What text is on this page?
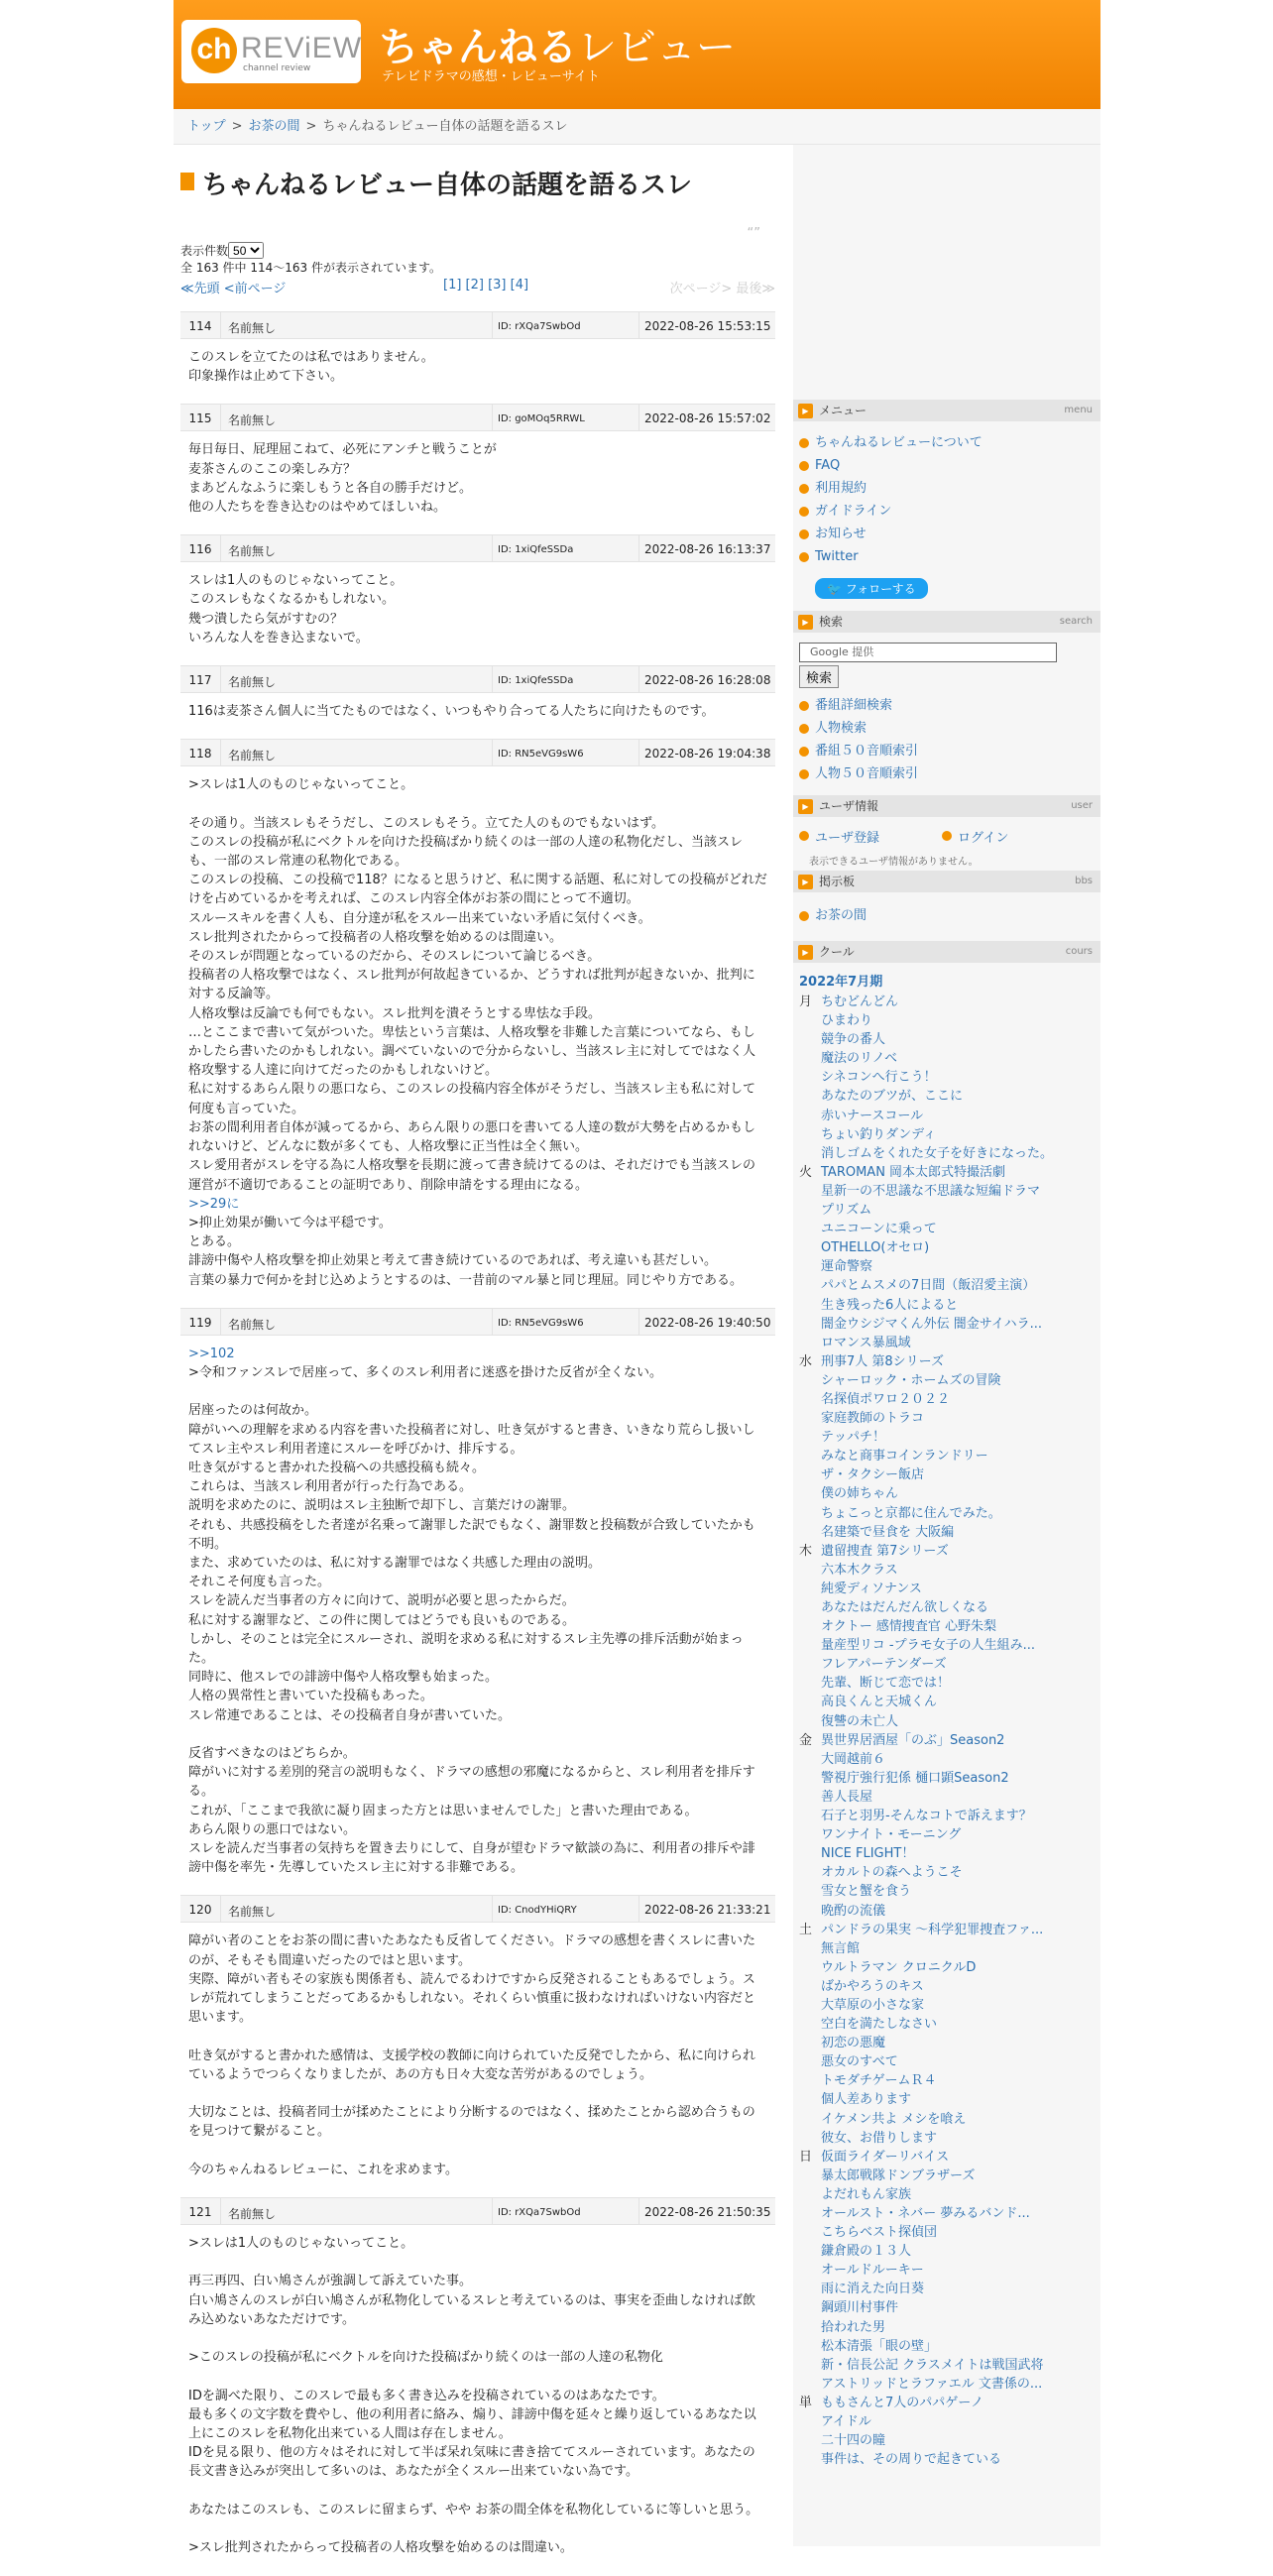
ch REViEW
channel review ちゃんねるレビュー
テレビドラマの感想・レビューサイト
トップ > お茶の間 > ちゃんねるレビュー自体の話題を語るスレ
ちゃんねるレビュー自体の話題を語るスレ
“”
表示件数
50
全 163 件中 114～163 件が表示されています。
≪先頭 <前ページ	[1] [2] [3] [4]	次ページ> 最後≫
114	名前無し	ID: rXQa7SwbOd	2022-08-26 15:53:15
このスレを立てたのは私ではありません。
印象操作は止めて下さい。
115	名前無し	ID: goMOq5RRWL	2022-08-26 15:57:02
毎日毎日、屁理屈こねて、必死にアンチと戦うことが
麦茶さんのここの楽しみ方？
まあどんなふうに楽しもうと各自の勝手だけど。
他の人たちを巻き込むのはやめてほしいね。
116	名前無し	ID: 1xiQfeSSDa	2022-08-26 16:13:37
スレは1人のものじゃないってこと。
このスレもなくなるかもしれない。
幾つ潰したら気がすむの？
いろんな人を巻き込まないで。
117	名前無し	ID: 1xiQfeSSDa	2022-08-26 16:28:08
116は麦茶さん個人に当てたものではなく、いつもやり合ってる人たちに向けたものです。
118	名前無し	ID: RN5eVG9sW6	2022-08-26 19:04:38
>スレは1人のものじゃないってこと。

その通り。当該スレもそうだし、このスレもそう。立てた人のものでもないはず。
このスレの投稿が私にベクトルを向けた投稿ばかり続くのは一部の人達の私物化だし、当該スレも、一部のスレ常連の私物化である。
このスレの投稿、この投稿で118？になると思うけど、私に関する話題、私に対しての投稿がどれだけを占めているかを考えれば、このスレ内容全体がお茶の間にとって不適切。
スルースキルを書く人も、自分達が私をスルー出来ていない矛盾に気付くべき。
スレ批判されたからって投稿者の人格攻撃を始めるのは間違い。
そのスレが問題となっているのだから、そのスレについて論じるべき。
投稿者の人格攻撃ではなく、スレ批判が何故起きているか、どうすれば批判が起きないか、批判に対する反論等。
人格攻撃は反論でも何でもない。スレ批判を潰そうとする卑怯な手段。
…とここまで書いて気がついた。卑怯という言葉は、人格攻撃を非難した言葉についてなら、もしかしたら書いたのかもしれない。調べていないので分からないし、当該スレ主に対してではなく人格攻撃する人達に向けてだったのかもしれないけど。
私に対するあらん限りの悪口なら、このスレの投稿内容全体がそうだし、当該スレ主も私に対して何度も言っていた。
お茶の間利用者自体が減ってるから、あらん限りの悪口を書いてる人達の数が大勢を占めるかもしれないけど、どんなに数が多くても、人格攻撃に正当性は全く無い。
スレ愛用者がスレを守る為に人格攻撃を長期に渡って書き続けてるのは、それだけでも当該スレの運営が不適切であることの証明であり、削除申請をする理由になる。
>>29に
>抑止効果が働いて今は平穏です。
とある。
誹謗中傷や人格攻撃を抑止効果と考えて書き続けているのであれば、考え違いも甚だしい。
言葉の暴力で何かを封じ込めようとするのは、一昔前のマル暴と同じ理屈。同じやり方である。
119	名前無し	ID: RN5eVG9sW6	2022-08-26 19:40:50
>>102
>令和ファンスレで居座って、多くのスレ利用者に迷惑を掛けた反省が全くない。

居座ったのは何故か。
障がいへの理解を求める内容を書いた投稿者に対し、吐き気がすると書き、いきなり荒らし扱いしてスレ主やスレ利用者達にスルーを呼びかけ、排斥する。
吐き気がすると書かれた投稿への共感投稿も続々。
これらは、当該スレ利用者が行った行為である。
説明を求めたのに、説明はスレ主独断で却下し、言葉だけの謝罪。
それも、共感投稿をした者達が名乗って謝罪した訳でもなく、謝罪数と投稿数が合致していたかも不明。
また、求めていたのは、私に対する謝罪ではなく共感した理由の説明。
それこそ何度も言った。
スレを読んだ当事者の方々に向けて、説明が必要と思ったからだ。
私に対する謝罪など、この件に関してはどうでも良いものである。
しかし、そのことは完全にスルーされ、説明を求める私に対するスレ主先導の排斥活動が始まった。
同時に、他スレでの誹謗中傷や人格攻撃も始まった。
人格の異常性と書いていた投稿もあった。
スレ常連であることは、その投稿者自身が書いていた。

反省すべきなのはどちらか。
障がいに対する差別的発言の説明もなく、ドラマの感想の邪魔になるからと、スレ利用者を排斥する。
これが、「ここまで我欲に凝り固まった方とは思いませんでした」と書いた理由である。
あらん限りの悪口ではない。
スレを読んだ当事者の気持ちを置き去りにして、自身が望むドラマ歓談の為に、利用者の排斥や誹謗中傷を率先・先導していたスレ主に対する非難である。
120	名前無し	ID: CnodYHiQRY	2022-08-26 21:33:21
障がい者のことをお茶の間に書いたあなたも反省してください。ドラマの感想を書くスレに書いたのが、そもそも間違いだったのではと思います。
実際、障がい者もその家族も関係者も、読んでるわけですから反発されることもあるでしょう。スレが荒れてしまうことだってあるかもしれない。それくらい慎重に扱わなければいけない内容だと思います。

吐き気がすると書かれた感情は、支援学校の教師に向けられていた反発でしたから、私に向けられているようでつらくなりましたが、あの方も日々大変な苦労があるのでしょう。

大切なことは、投稿者同士が揉めたことにより分断するのではなく、揉めたことから認め合うものを見つけて繋がること。

今のちゃんねるレビューに、これを求めます。
121	名前無し	ID: rXQa7SwbOd	2022-08-26 21:50:35
>スレは1人のものじゃないってこと。

再三再四、白い鳩さんが強調して訴えていた事。
白い鳩さんのスレが白い鳩さんが私物化しているスレと考えているのは、事実を歪曲しなければ飲み込めないあなただけです。

>このスレの投稿が私にベクトルを向けた投稿ばかり続くのは一部の人達の私物化

IDを調べた限り、このスレで最も多く書き込みを投稿されているのはあなたです。
最も多くの文字数を費やし、他の利用者に絡み、煽り、誹謗中傷を延々と繰り返しているあなた以上にこのスレを私物化出来ている人間は存在しません。
IDを見る限り、他の方々はそれに対して半ば呆れ気味に書き捨ててスルーされています。あなたの長文書き込みが突出して多いのは、あなたが全くスルー出来ていない為です。

あなたはこのスレも、このスレに留まらず、やや お茶の間全体を私物化しているに等しいと思う。

>スレ批判されたからって投稿者の人格攻撃を始めるのは間違い。
▶ メニュー	menu
ちゃんねるレビューについて
FAQ
利用規約
ガイドライン
お知らせ
Twitter
🐦 フォローする
▶ 検索	search
Google 提供
検索
番組詳細検索
人物検索
番組５０音順索引
人物５０音順索引
▶ ユーザ情報	user
ユーザ登録	ログイン
表示できるユーザ情報がありません。
▶ 掲示板	bbs
お茶の間
▶ クール	cours
2022年7月期
月 ちむどんどん
ひまわり
競争の番人
魔法のリノベ
シネコンへ行こう！
あなたのブツが、ここに
赤いナースコール
ちょい釣りダンディ
消しゴムをくれた女子を好きになった。
火 TAROMAN 岡本太郎式特撮活劇
星新一の不思議な不思議な短編ドラマ
プリズム
ユニコーンに乗って
OTHELLO(オセロ)
運命警察
パパとムスメの7日間（飯沼愛主演）
生き残った6人によると
闇金ウシジマくん外伝 闇金サイハラ...
ロマンス暴風域
水 刑事7人 第8シリーズ
シャーロック・ホームズの冒険
名探偵ポワロ２０２２
家庭教師のトラコ
テッパチ！
みなと商事コインランドリー
ザ・タクシー飯店
僕の姉ちゃん
ちょこっと京都に住んでみた。
名建築で昼食を 大阪編
木 遺留捜査 第7シリーズ
六本木クラス
純愛ディソナンス
あなたはだんだん欲しくなる
オクトー 感情捜査官 心野朱梨
量産型リコ -プラモ女子の人生組み...
フレアパーテンダーズ
先輩、断じて恋では！
高良くんと天城くん
復讐の未亡人
金 異世界居酒屋「のぶ」Season2
大岡越前６
警視庁強行犯係 樋口顕Season2
善人長屋
石子と羽男-そんなコトで訴えます？
ワンナイト・モーニング
NICE FLIGHT！
オカルトの森へようこそ
雪女と蟹を食う
晩酌の流儀
土 パンドラの果実 〜科学犯罪捜査ファ...
無言館
ウルトラマン クロニクルD
ばかやろうのキス
大草原の小さな家
空白を満たしなさい
初恋の悪魔
悪女のすべて
トモダチゲームＲ４
個人差あります
イケメン共よ メシを喰え
彼女、お借りします
日 仮面ライダーリバイス
暴太郎戦隊ドンブラザーズ
よだれもん家族
オールスト・ネバー 夢みるバンド...
こちらベスト探偵団
鎌倉殿の１３人
オールドルーキー
雨に消えた向日葵
鋼頭川村事件
拾われた男
松本清張「眼の壁」
新・信長公記 クラスメイトは戦国武将
アストリッドとラファエル 文書係の...
単 ももさんと7人のパパゲーノ
アイドル
二十四の瞳
事件は、その周りで起きている
